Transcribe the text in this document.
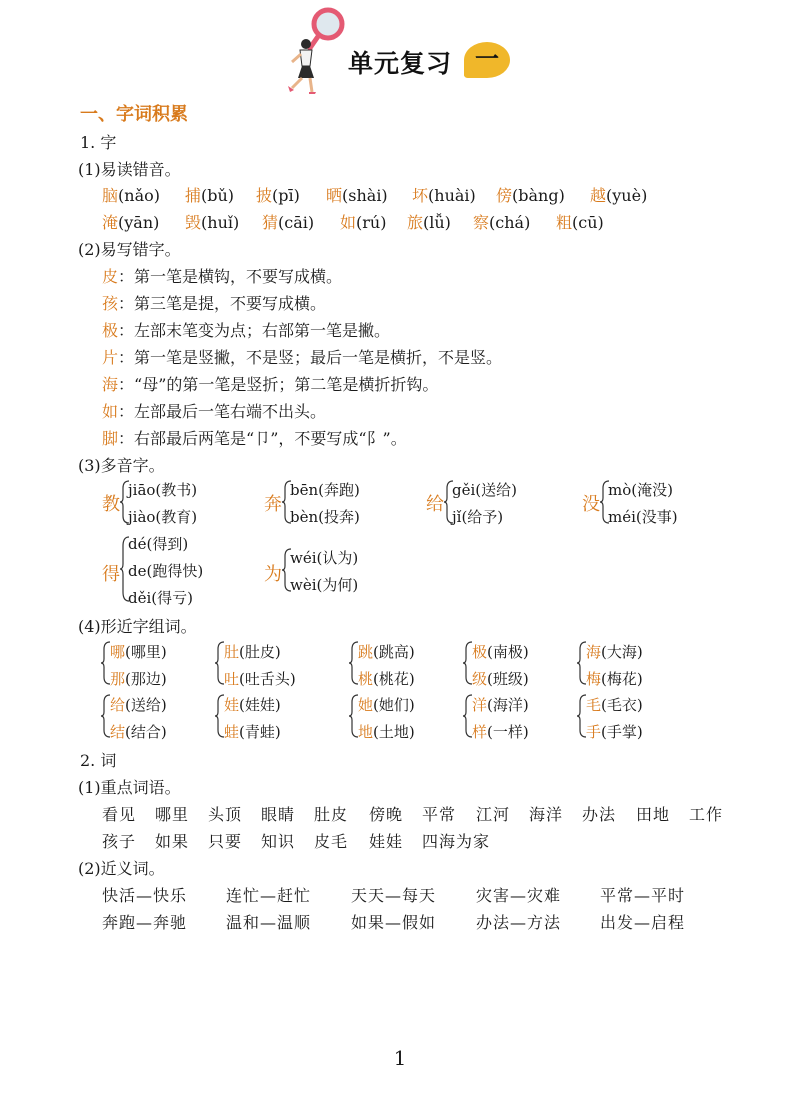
单元复习 一
一、字词积累
1. 字
(1)易读错音。
脑(nǎo) 捕(bǔ) 披(pī) 晒(shài) 坏(huài) 傍(bàng) 越(yuè)
淹(yān) 毁(huǐ) 猜(cāi) 如(rú) 旅(lǚ) 察(chá) 粗(cū)
(2)易写错字。
皮：第一笔是横钩，不要写成横。
孩：第三笔是提，不要写成横。
极：左部末笔变为点；右部第一笔是撇。
片：第一笔是竖撇，不是竖；最后一笔是横折，不是竖。
海：“母”的第一笔是竖折；第二笔是横折折钩。
如：左部最后一笔右端不出头。
脚：右部最后两笔是“卩”，不要写成“阝”。
(3)多音字。
教
jiāo(教书)
jiào(教育)
奔
bēn(奔跑)
bèn(投奔)
给
gěi(送给)
jǐ(给予)
没
mò(淹没)
méi(没事)
得
dé(得到)
de(跑得快)
děi(得亏)
为
wéi(认为)
wèi(为何)
(4)形近字组词。
哪(哪里)
那(那边)
肚(肚皮)
吐(吐舌头)
跳(跳高)
桃(桃花)
极(南极)
级(班级)
海(大海)
梅(梅花)
给(送给)
结(结合)
娃(娃娃)
蛙(青蛙)
她(她们)
地(土地)
洋(海洋)
样(一样)
毛(毛衣)
手(手掌)
2. 词
(1)重点词语。
看见 哪里 头顶 眼睛 肚皮 傍晚 平常 江河 海洋 办法 田地 工作
孩子 如果 只要 知识 皮毛 娃娃 四海为家
(2)近义词。
快活—快乐 连忙—赶忙 天天—每天 灾害—灾难 平常—平时
奔跑—奔驰 温和—温顺 如果—假如 办法—方法 出发—启程
1
